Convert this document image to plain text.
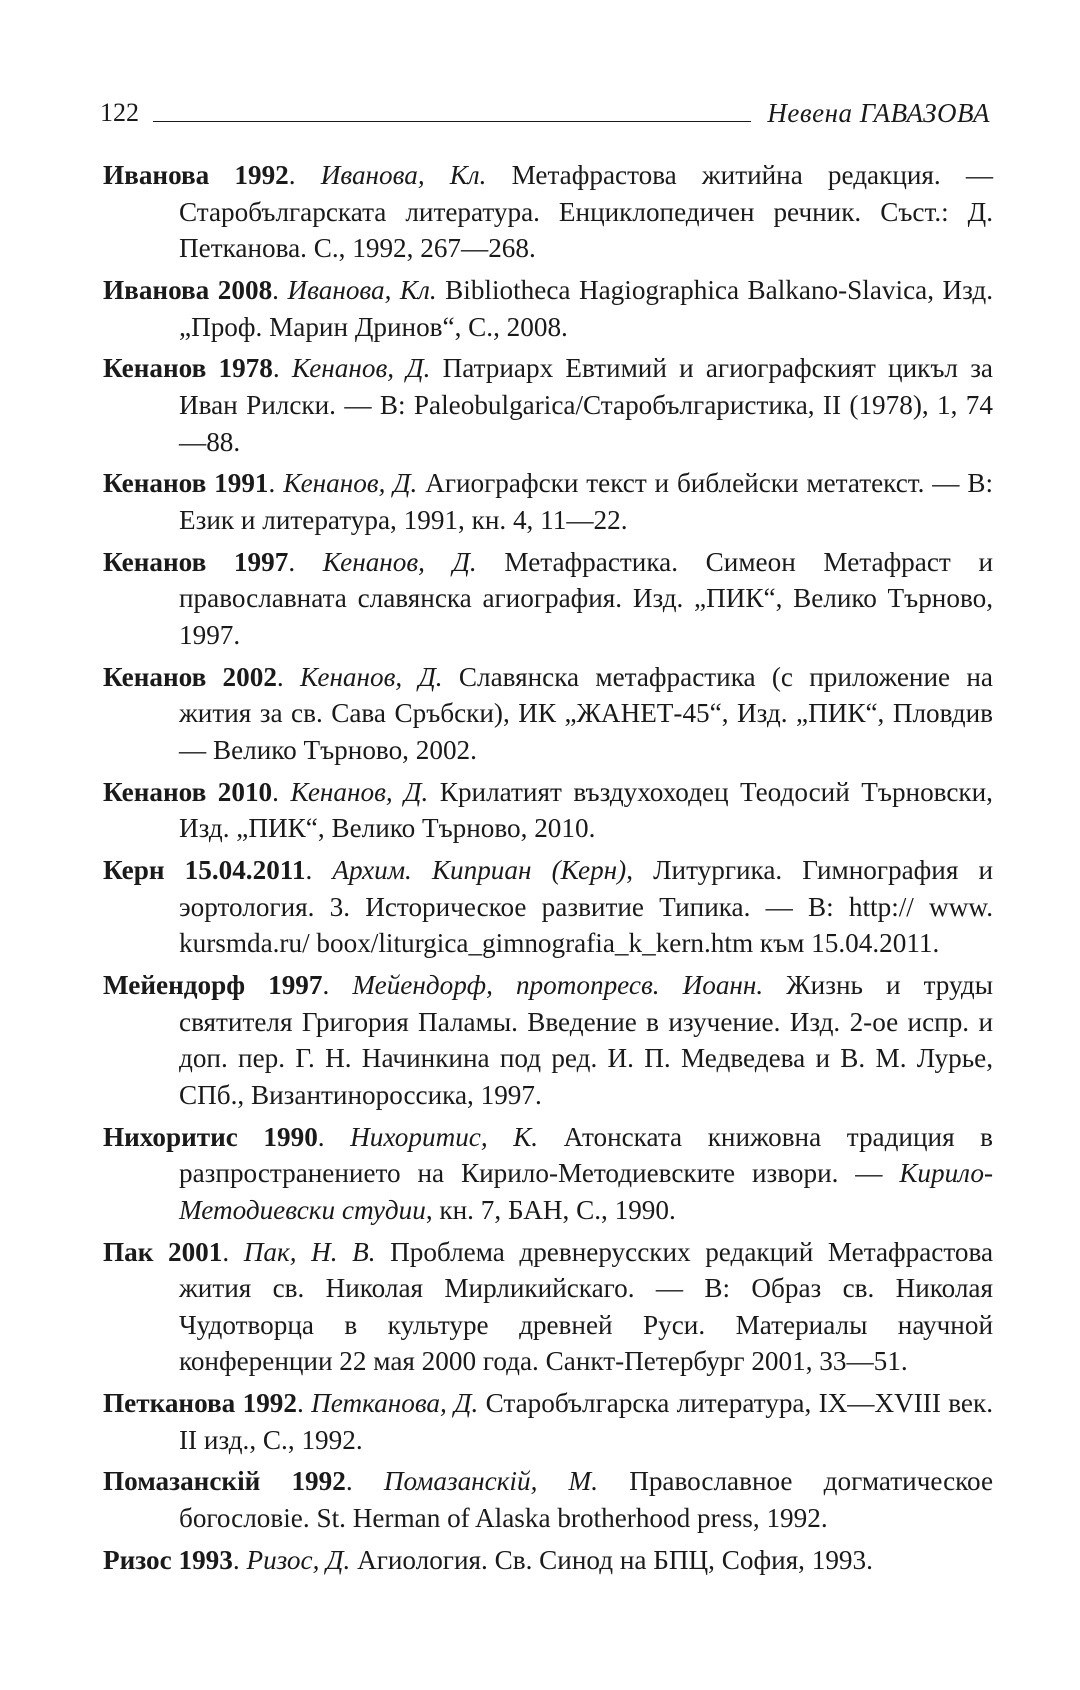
122	Невена ГАВАЗОВА
Иванова 1992. Иванова, Кл. Метафрастова житийна редакция. — Старобългарската литература. Енциклопедичен речник. Съст.: Д. Петканова. С., 1992, 267—268.
Иванова 2008. Иванова, Кл. Bibliotheca Hagiographica Balkano-Slavica, Изд. „Проф. Марин Дринов“, С., 2008.
Кенанов 1978. Кенанов, Д. Патриарх Евтимий и агиографският цикъл за Иван Рилски. — В: Paleobulgarica/Старобългаристика, II (1978), 1, 74—88.
Кенанов 1991. Кенанов, Д. Агиографски текст и библейски метатекст. — В: Език и литература, 1991, кн. 4, 11—22.
Кенанов 1997. Кенанов, Д. Метафрастика. Симеон Метафраст и православната славянска агиография. Изд. „ПИК“, Велико Търново, 1997.
Кенанов 2002. Кенанов, Д. Славянска метафрастика (с приложение на жития за св. Сава Сръбски), ИК „ЖАНЕТ-45“, Изд. „ПИК“, Пловдив — Велико Търново, 2002.
Кенанов 2010. Кенанов, Д. Крилатият въздухоходец Теодосий Търновски, Изд. „ПИК“, Велико Търново, 2010.
Керн 15.04.2011. Архим. Киприан (Керн), Литургика. Гимнография и эортология. 3. Историческое развитие Типика. — В: http:// www. kursmda.ru/ boox/liturgica_gimnografia_k_kern.htm към 15.04.2011.
Мейендорф 1997. Мейендорф, протопресв. Иоанн. Жизнь и труды святителя Григория Паламы. Введение в изучение. Изд. 2-ое испр. и доп. пер. Г. Н. Начинкина под ред. И. П. Медведева и В. М. Лурье, СПб., Византинороссика, 1997.
Нихоритис 1990. Нихоритис, К. Атонската книжовна традиция в разпространението на Кирило-Методиевските извори. — Кирило-Методиевски студии, кн. 7, БАН, С., 1990.
Пак 2001. Пак, Н. В. Проблема древнерусских редакций Метафрастова жития св. Николая Мирликийскаго. — В: Образ св. Николая Чудотворца в культуре древней Руси. Материалы научной конференции 22 мая 2000 года. Санкт-Петербург 2001, 33—51.
Петканова 1992. Петканова, Д. Старобългарска литература, IX—XVIII век. II изд., С., 1992.
Помазанскій 1992. Помазанскій, М. Православное догматическое богословіе. St. Herman of Alaska brotherhood press, 1992.
Ризос 1993. Ризос, Д. Агиология. Св. Синод на БПЦ, София, 1993.
